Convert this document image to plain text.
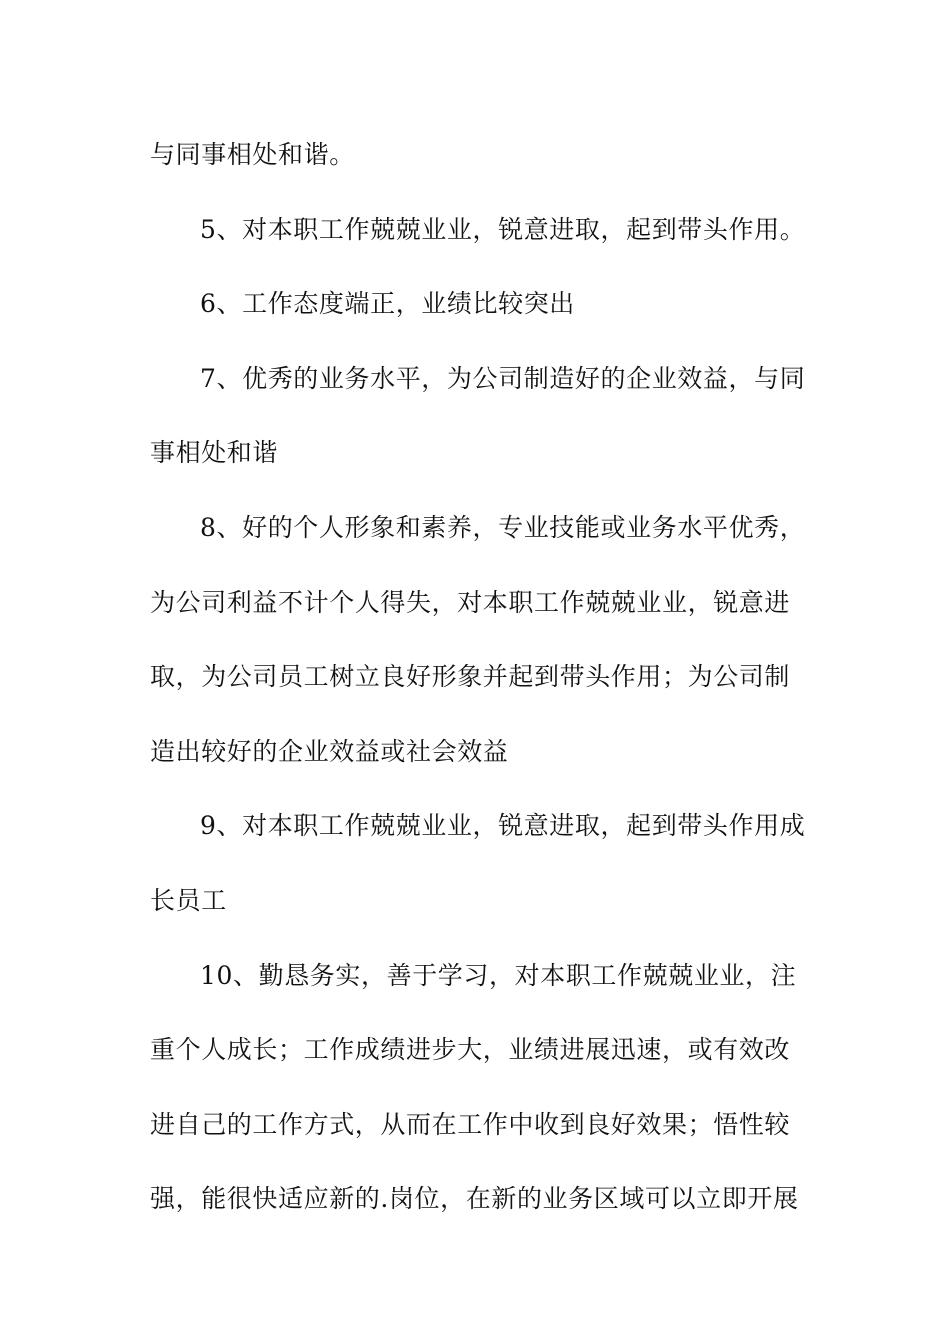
与同事相处和谐。

5、对本职工作兢兢业业，锐意进取，起到带头作用。

6、工作态度端正，业绩比较突出

7、优秀的业务水平，为公司制造好的企业效益，与同

事相处和谐

8、好的个人形象和素养，专业技能或业务水平优秀，

为公司利益不计个人得失，对本职工作兢兢业业，锐意进

取，为公司员工树立良好形象并起到带头作用；为公司制

造出较好的企业效益或社会效益

9、对本职工作兢兢业业，锐意进取，起到带头作用成

长员工

10、勤恳务实，善于学习，对本职工作兢兢业业，注

重个人成长；工作成绩进步大，业绩进展迅速，或有效改

进自己的工作方式，从而在工作中收到良好效果；悟性较

强，能很快适应新的.岗位，在新的业务区域可以立即开展
